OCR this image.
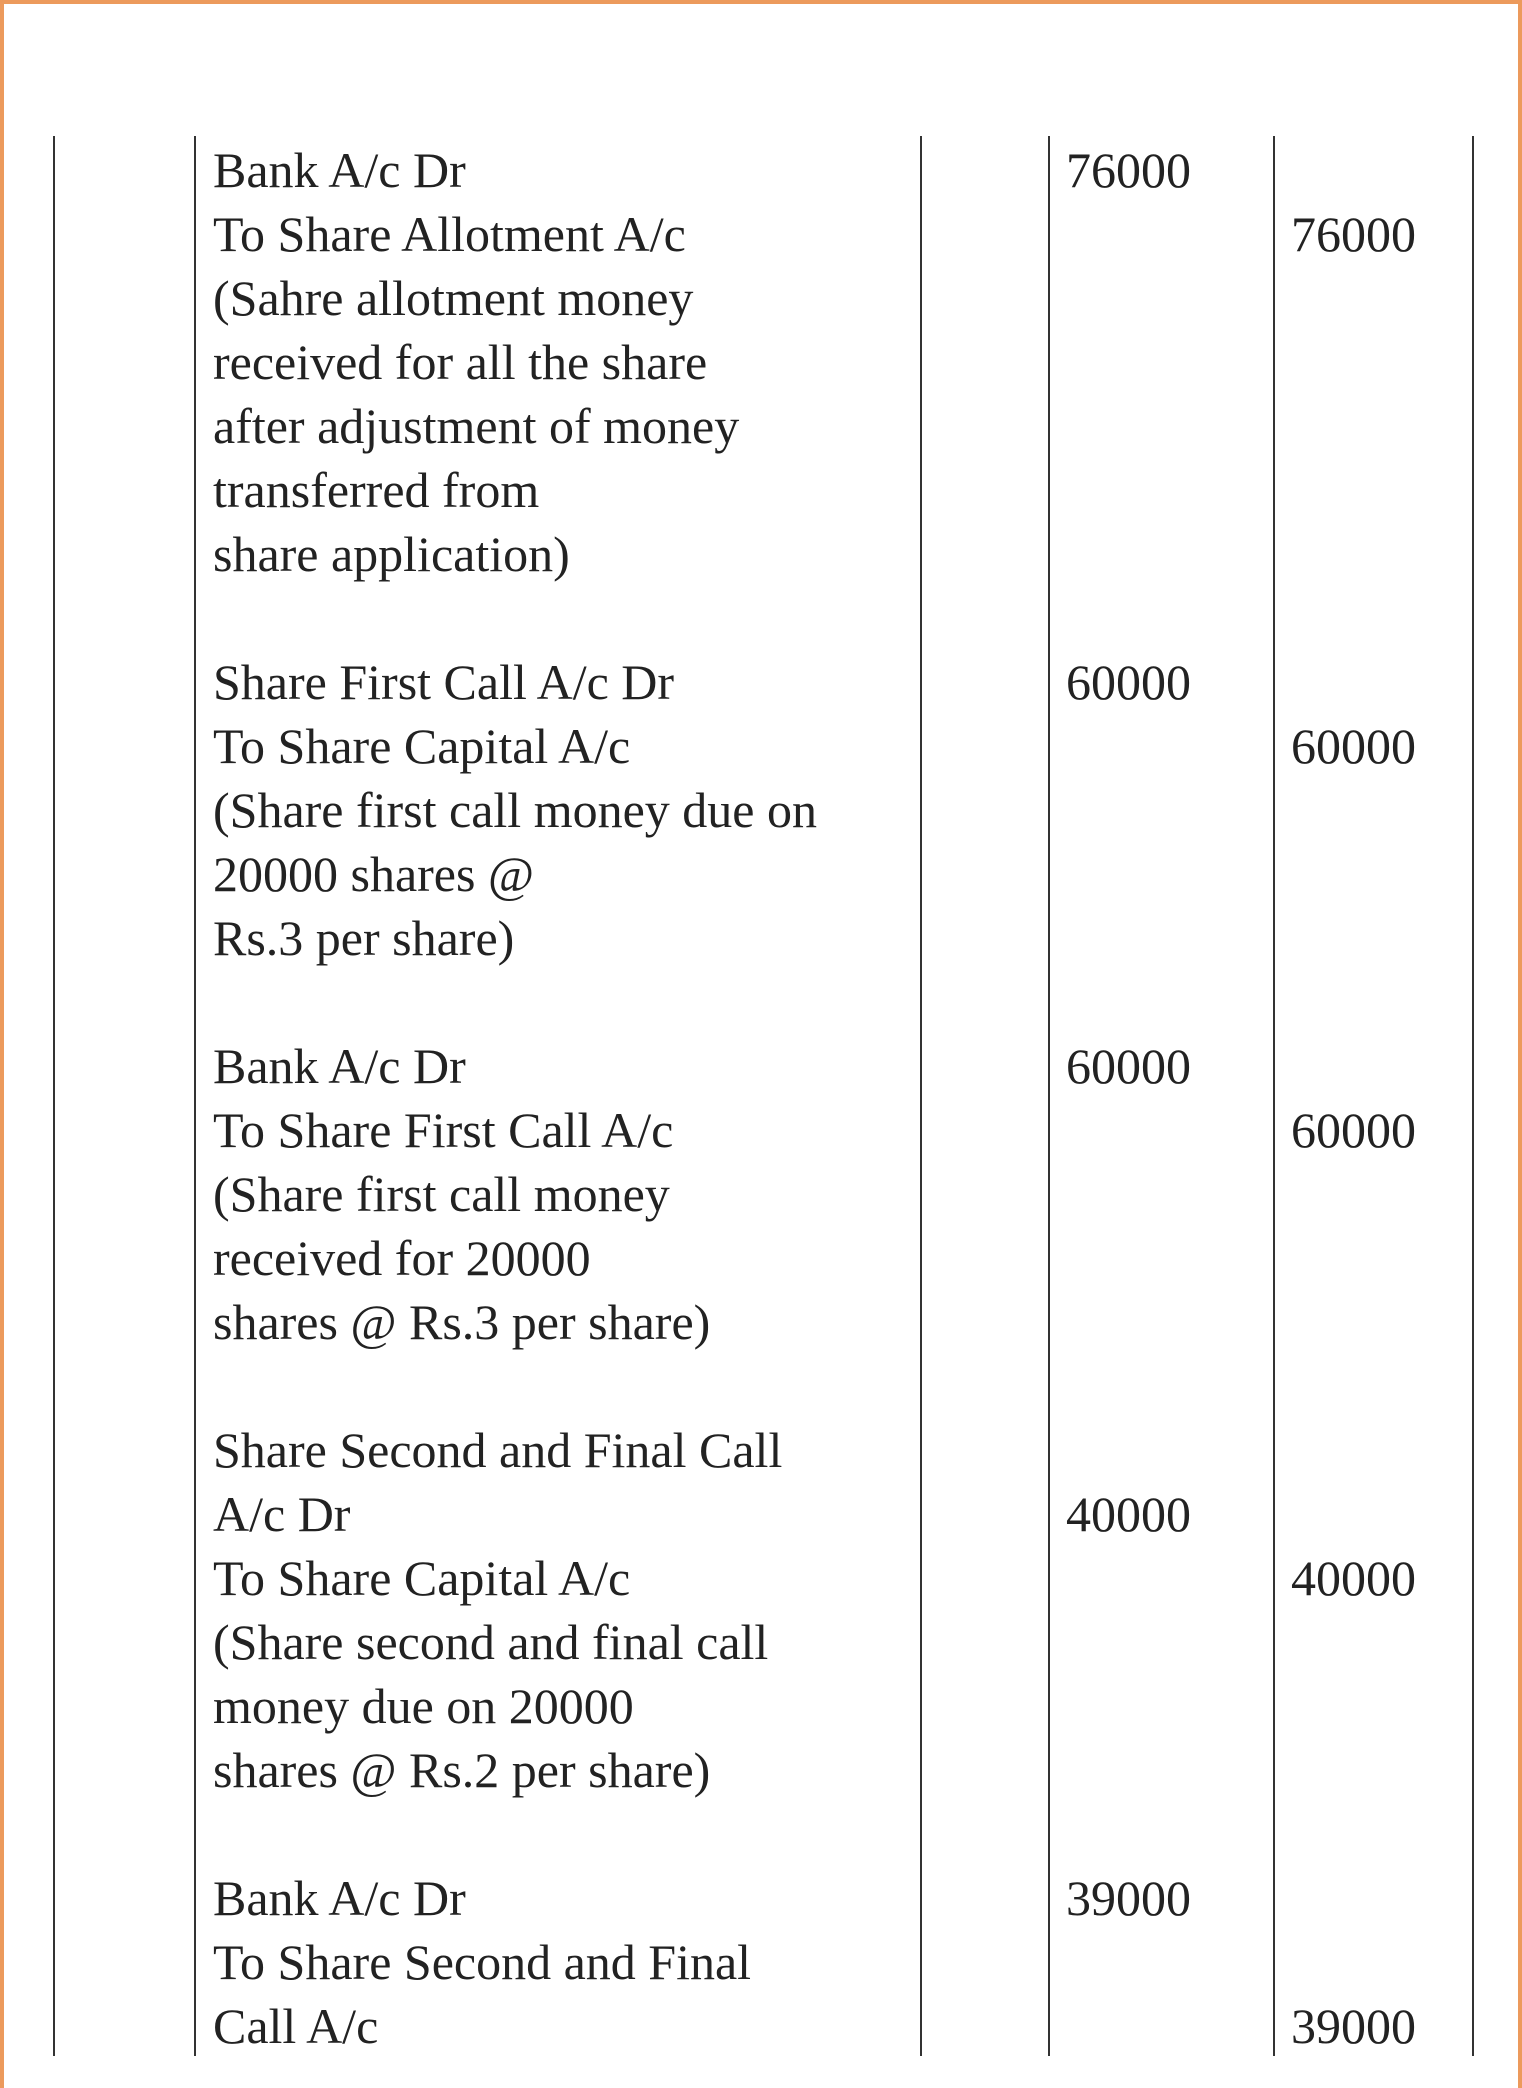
Bank A/c Dr
To Share Allotment A/c
(Sahre allotment money
received for all the share
after adjustment of money
transferred from
share application)
76000
76000
Share First Call A/c Dr
To Share Capital A/c
(Share first call money due on
20000 shares @
Rs.3 per share)
60000
60000
Bank A/c Dr
To Share First Call A/c
(Share first call money
received for 20000
shares @ Rs.3 per share)
60000
60000
Share Second and Final Call
A/c Dr
To Share Capital A/c
(Share second and final call
money due on 20000
shares @ Rs.2 per share)
40000
40000
Bank A/c Dr
To Share Second and Final
Call A/c
39000
39000
